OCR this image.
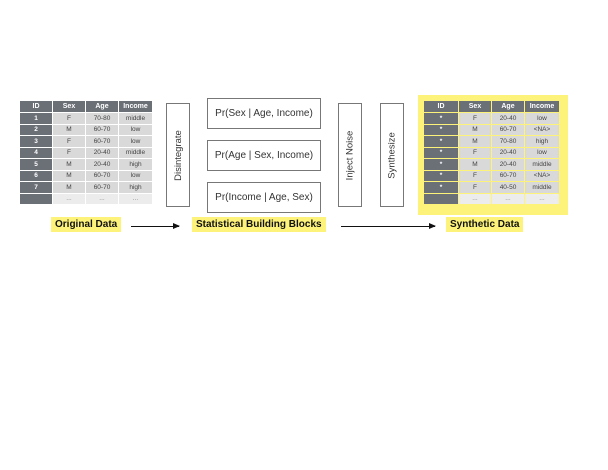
ID	Sex	Age	Income
1	F	70-80	middle
2	M	60-70	low
3	F	60-70	low
4	F	20-40	middle
5	M	20-40	high
6	M	60-70	low
7	M	60-70	high
...	...	...	...
Disintegrate
Pr(Sex | Age, Income)
Pr(Age | Sex, Income)
Pr(Income | Age, Sex)
Inject Noise	Synthesize
ID	Sex	Age	Income
*	F	20-40	low
*	M	60-70	<NA>
*	M	70-80	high
*	F	20-40	low
*	M	20-40	middle
*	F	60-70	<NA>
*	F	40-50	middle
...	...	...	...
Original Data	Statistical Building Blocks	Synthetic Data
